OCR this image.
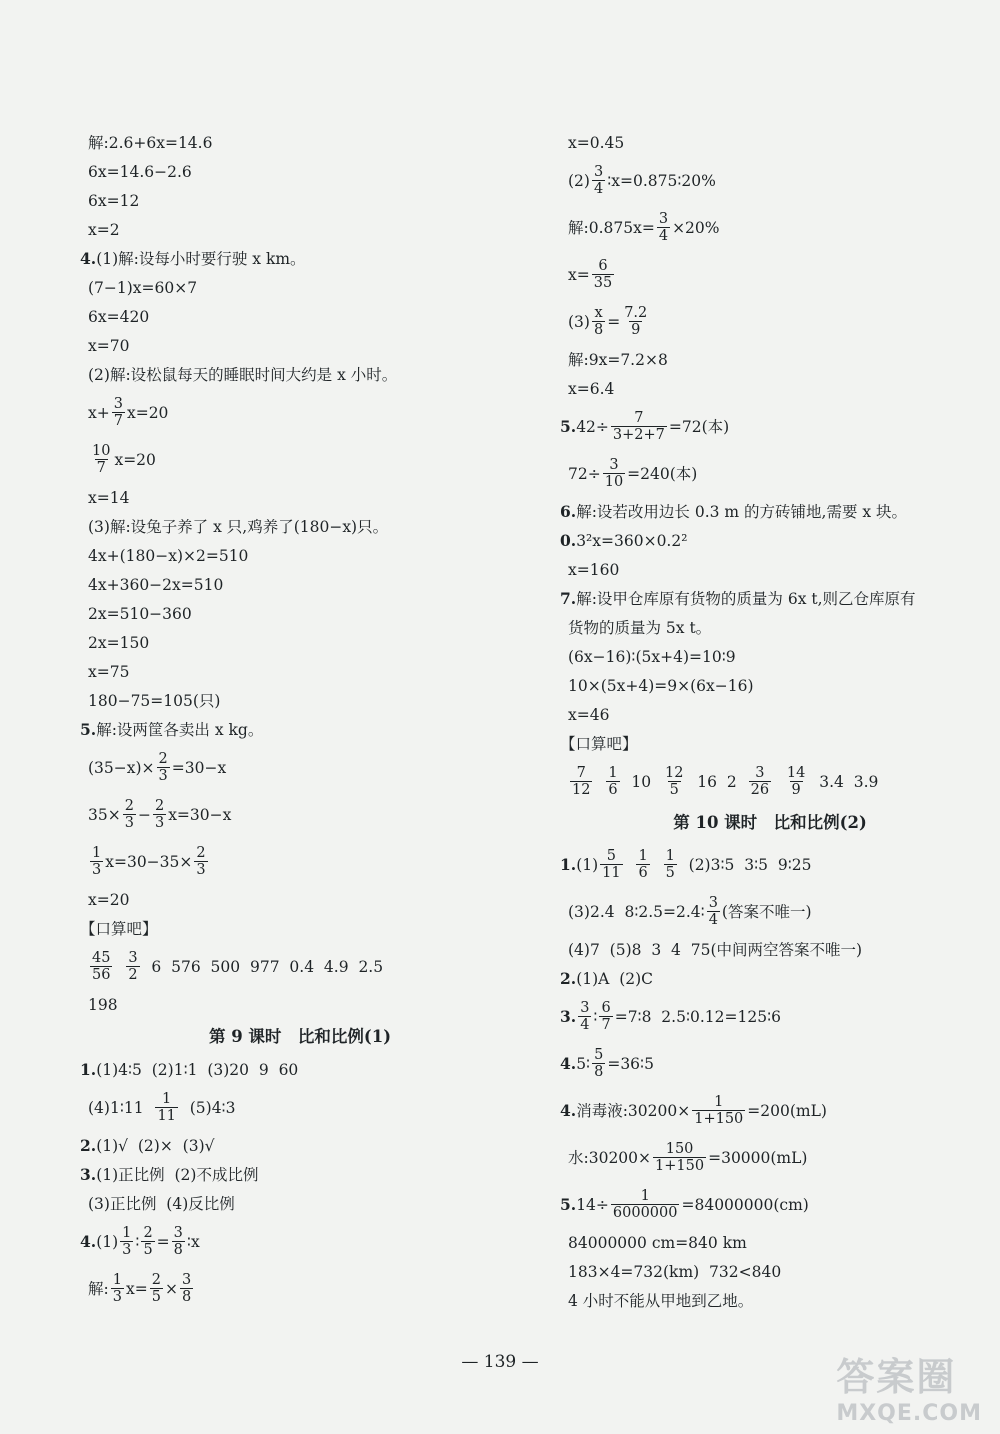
解:2.6+6x=14.6
6x=14.6−2.6
6x=12
x=2
4.(1)解:设每小时要行驶 x km。
(7−1)x=60×7
6x=420
x=70
(2)解:设松鼠每天的睡眠时间大约是 x 小时。
$x+ \frac{3}{7} x=20$
$\frac{10}{7} x=20$
x=14
(3)解:设兔子养了 x 只,鸡养了(180−x)只。
4x+(180−x)×2=510
4x+360−2x=510
2x=510−360
2x=150
x=75
180−75=105(只)
5.解:设两筐各卖出 x kg。
$(35-x)\times \frac{2}{3} =30-x$
$35\times \frac{2}{3} - \frac{2}{3} x=30-x$
$\frac{1}{3} x=30-35\times \frac{2}{3}$
x=20
【口算吧】
$\frac{45}{56}$
$\frac{3}{2} 6$  576  500  977  0.4  4.9  2.5
198
第 9 课时　比和比例(1)
1.(1)4∶5  (2)1∶1  (3)20  9  60
(4)1∶11 $\frac{1}{11}$ (5)4∶3
2.(1)√  (2)×  (3)√
3.(1)正比例  (2)不成比例
(3)正比例  (4)反比例
$4.(1) \frac{1}{3}$ ∶ $\frac{2}{5} = \frac{3}{8}$ ∶x
解: $\frac{1}{3} x= \frac{2}{5} \times \frac{3}{8}$
x=0.45
$(2) \frac{3}{4}$ ∶x=0.875∶20%
解:0.875x= $\frac{3}{4} \times 20\%$
$x= \frac{6}{35}$
$(3) \frac{x}{8} = \frac{7.2}{9}$
解:9x=7.2×8
x=6.4
$5.42\div \frac{7}{3+2+7} =72$(本)
$72\div \frac{3}{10} =240$(本)
6.解:设若改用边长 0.3 m 的方砖铺地,需要 x 块。
0.3²x=360×0.2²
x=160
7.解:设甲仓库原有货物的质量为 6x t,则乙仓库原有
货物的质量为 5x t。
(6x−16)∶(5x+4)=10∶9
10×(5x+4)=9×(6x−16)
x=46
【口算吧】
$\frac{7}{12}$
$\frac{1}{6} 10 \frac{12}{5} 16$  $2 \frac{3}{26}$
$\frac{14}{9} 3.4$  3.9
第 10 课时　比和比例(2)
$1.(1) \frac{5}{11}$
$\frac{1}{6}$
$\frac{1}{5}$ (2)3∶5  3∶5  9∶25
(3)2.4  8∶2.5=2.4∶ $\frac{3}{4}$ (答案不唯一)
(4)7  (5)8  3  4  75(中间两空答案不唯一)
2.(1)A  (2)C
3. $\frac{3}{4}$ ∶ $\frac{6}{7}$ =7∶8  2.5∶0.12=125∶6
4.5∶ $\frac{5}{8}$ =36∶5
4.消毒液:30200× $\frac{1}{1+150} =200(mL)$
水:30200× $\frac{150}{1+150} =30000(mL)$
$5.14\div \frac{1}{6000000} =84000000(cm)$
84000000 cm=840 km
183×4=732(km)  732<840
4 小时不能从甲地到乙地。
— 139 —	答案圈
MXQE.COM
